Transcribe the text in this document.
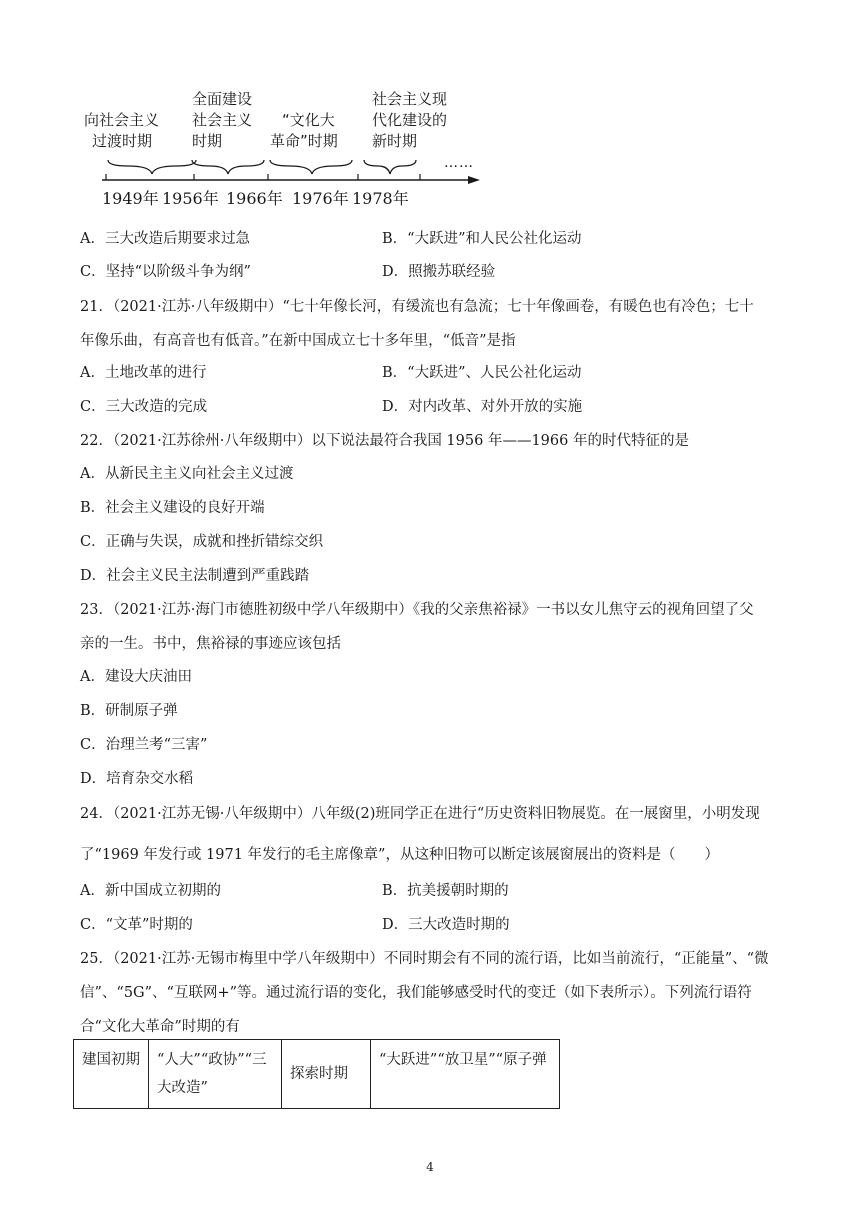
向社会主义
过渡时期
全面建设
社会主义
时期
“文化大
革命”时期
社会主义现
代化建设的
新时期
……
1949年 1956年 1966年 1976年 1978年
A．三大改造后期要求过急	B．“大跃进”和人民公社化运动
C．坚持“以阶级斗争为纲”	D．照搬苏联经验
21．（2021·江苏·八年级期中）“七十年像长河，有缓流也有急流；七十年像画卷，有暖色也有冷色；七十
年像乐曲，有高音也有低音。”在新中国成立七十多年里，“低音”是指
A．土地改革的进行	B．“大跃进”、人民公社化运动
C．三大改造的完成	D．对内改革、对外开放的实施
22．（2021·江苏徐州·八年级期中）以下说法最符合我国 1956 年——1966 年的时代特征的是
A．从新民主主义向社会主义过渡
B．社会主义建设的良好开端
C．正确与失误，成就和挫折错综交织
D．社会主义民主法制遭到严重践踏
23．（2021·江苏·海门市德胜初级中学八年级期中）《我的父亲焦裕禄》一书以女儿焦守云的视角回望了父
亲的一生。书中，焦裕禄的事迹应该包括
A．建设大庆油田
B．研制原子弹
C．治理兰考“三害”
D．培育杂交水稻
24．（2021·江苏无锡·八年级期中）八年级(2)班同学正在进行“历史资料旧物展览。在一展窗里，小明发现
了“1969 年发行或 1971 年发行的毛主席像章”，从这种旧物可以断定该展窗展出的资料是（　　）
A．新中国成立初期的	B．抗美援朝时期的
C．“文革”时期的	D．三大改造时期的
25．（2021·江苏·无锡市梅里中学八年级期中）不同时期会有不同的流行语，比如当前流行，“正能量”、“微
信”、“5G”、“互联网+”等。通过流行语的变化，我们能够感受时代的变迁（如下表所示）。下列流行语符
合“文化大革命”时期的有
建国初期	“人大”“政协”“三大改造”	探索时期	“大跃进”“放卫星”“原子弹
4
